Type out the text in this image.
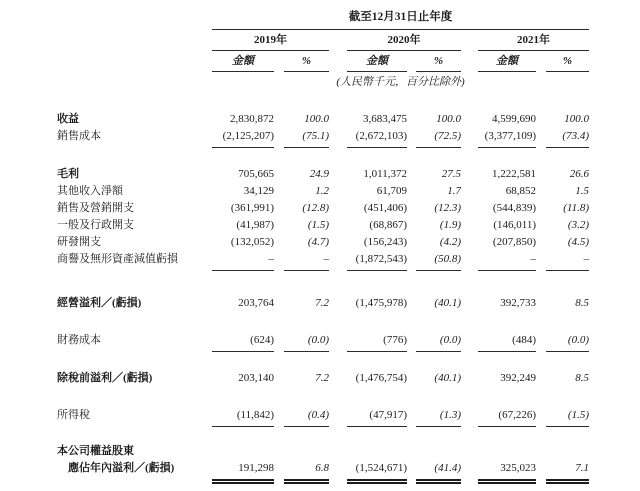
截至12月31日止年度
2019年	2020年	2021年
金額	%	金額	%	金額	%
(人民幣千元，百分比除外)
收益	2,830,872	100.0	3,683,475	100.0	4,599,690	100.0
銷售成本	(2,125,207)	(75.1)	(2,672,103)	(72.5)	(3,377,109)	(73.4)
毛利	705,665	24.9	1,011,372	27.5	1,222,581	26.6
其他收入淨額	34,129	1.2	61,709	1.7	68,852	1.5
銷售及營銷開支	(361,991)	(12.8)	(451,406)	(12.3)	(544,839)	(11.8)
一般及行政開支	(41,987)	(1.5)	(68,867)	(1.9)	(146,011)	(3.2)
研發開支	(132,052)	(4.7)	(156,243)	(4.2)	(207,850)	(4.5)
商譽及無形資產減值虧損	–	–	(1,872,543)	(50.8)	–	–
經營溢利／(虧損)	203,764	7.2	(1,475,978)	(40.1)	392,733	8.5
財務成本	(624)	(0.0)	(776)	(0.0)	(484)	(0.0)
除稅前溢利／(虧損)	203,140	7.2	(1,476,754)	(40.1)	392,249	8.5
所得稅	(11,842)	(0.4)	(47,917)	(1.3)	(67,226)	(1.5)
本公司權益股東
應佔年內溢利／(虧損)	191,298	6.8	(1,524,671)	(41.4)	325,023	7.1
